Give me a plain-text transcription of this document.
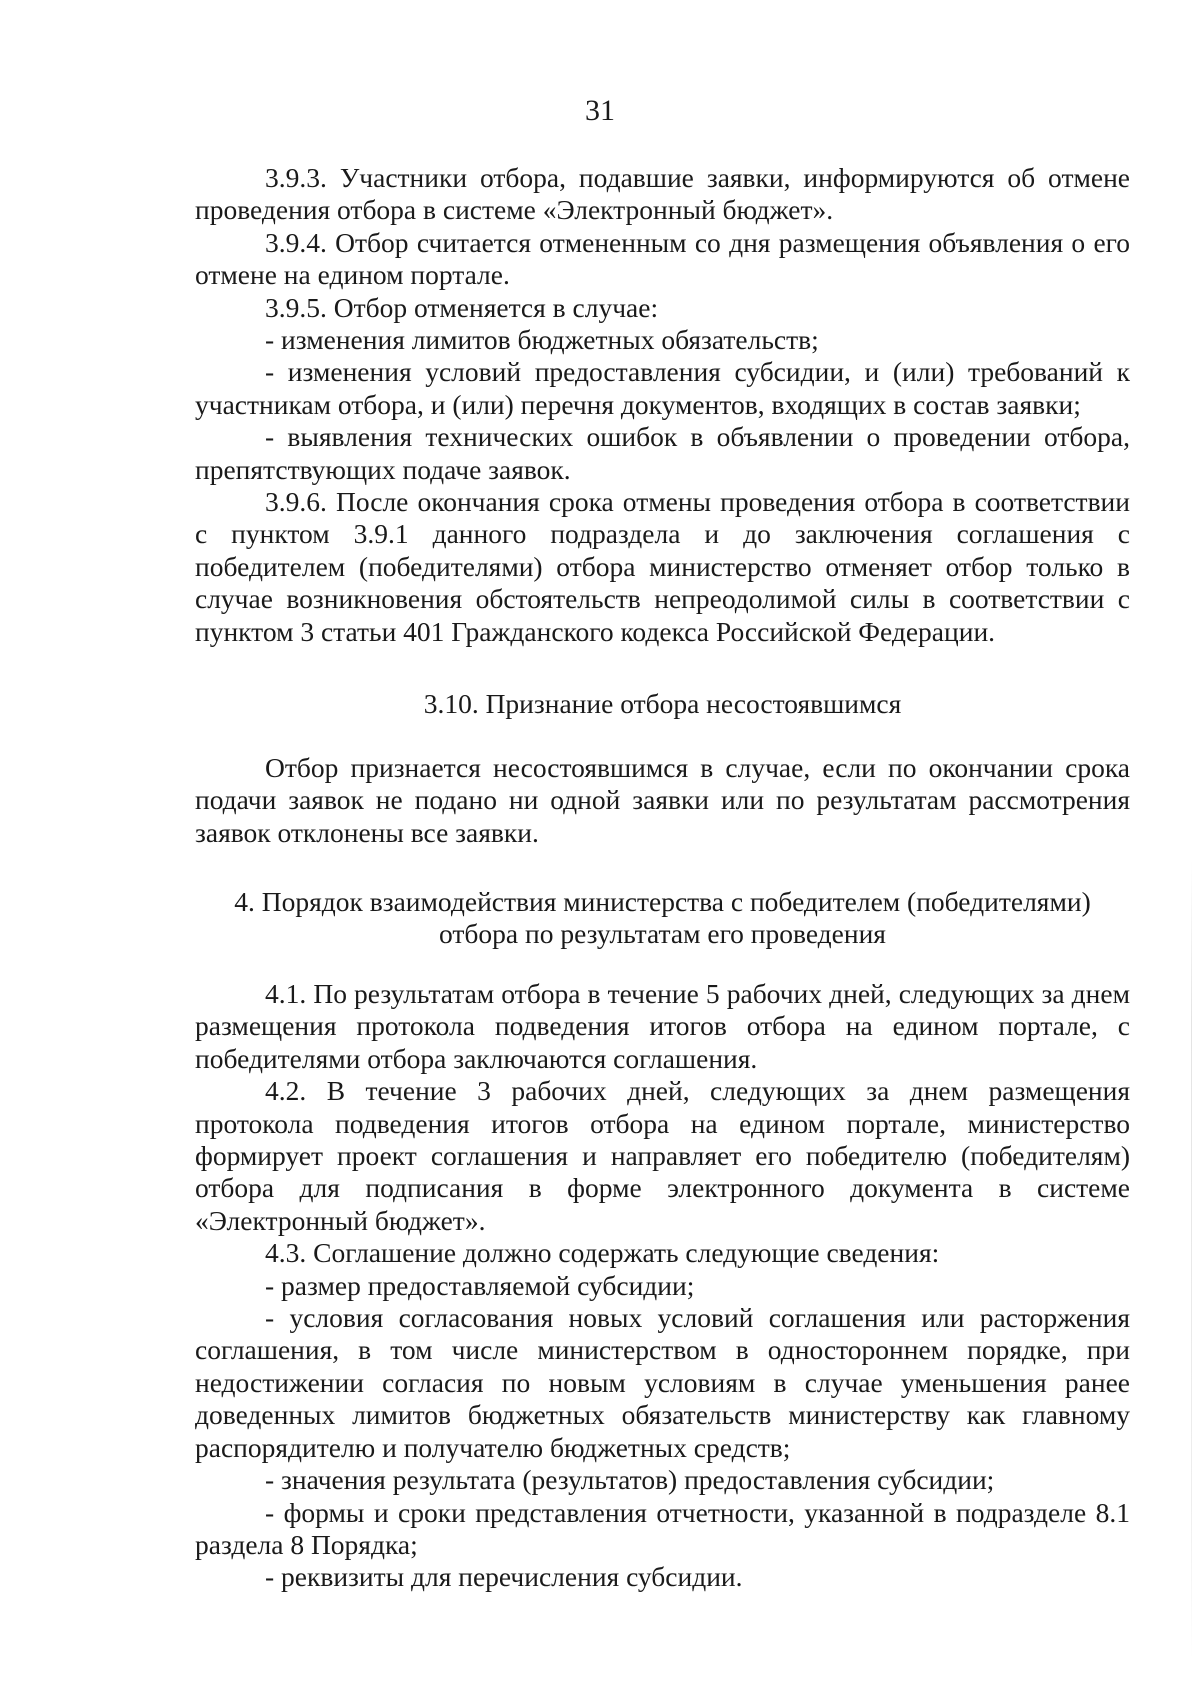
31

3.9.3. Участники отбора, подавшие заявки, информируются об отмене проведения отбора в системе «Электронный бюджет».

3.9.4. Отбор считается отмененным со дня размещения объявления о его отмене на едином портале.

3.9.5. Отбор отменяется в случае:

- изменения лимитов бюджетных обязательств;

- изменения условий предоставления субсидии, и (или) требований к участникам отбора, и (или) перечня документов, входящих в состав заявки;

- выявления технических ошибок в объявлении о проведении отбора, препятствующих подаче заявок.

3.9.6. После окончания срока отмены проведения отбора в соответствии с пунктом 3.9.1 данного подраздела и до заключения соглашения с победителем (победителями) отбора министерство отменяет отбор только в случае возникновения обстоятельств непреодолимой силы в соответствии с пунктом 3 статьи 401 Гражданского кодекса Российской Федерации.

3.10. Признание отбора несостоявшимся

Отбор признается несостоявшимся в случае, если по окончании срока подачи заявок не подано ни одной заявки или по результатам рассмотрения заявок отклонены все заявки.

4. Порядок взаимодействия министерства с победителем (победителями)

отбора по результатам его проведения

4.1. По результатам отбора в течение 5 рабочих дней, следующих за днем размещения протокола подведения итогов отбора на едином портале, с победителями отбора заключаются соглашения.

4.2. В течение 3 рабочих дней, следующих за днем размещения протокола подведения итогов отбора на едином портале, министерство формирует проект соглашения и направляет его победителю (победителям) отбора для подписания в форме электронного документа в системе «Электронный бюджет».

4.3. Соглашение должно содержать следующие сведения:

- размер предоставляемой субсидии;

- условия согласования новых условий соглашения или расторжения соглашения, в том числе министерством в одностороннем порядке, при недостижении согласия по новым условиям в случае уменьшения ранее доведенных лимитов бюджетных обязательств министерству как главному распорядителю и получателю бюджетных средств;

- значения результата (результатов) предоставления субсидии;

- формы и сроки представления отчетности, указанной в подразделе 8.1 раздела 8 Порядка;

- реквизиты для перечисления субсидии.
